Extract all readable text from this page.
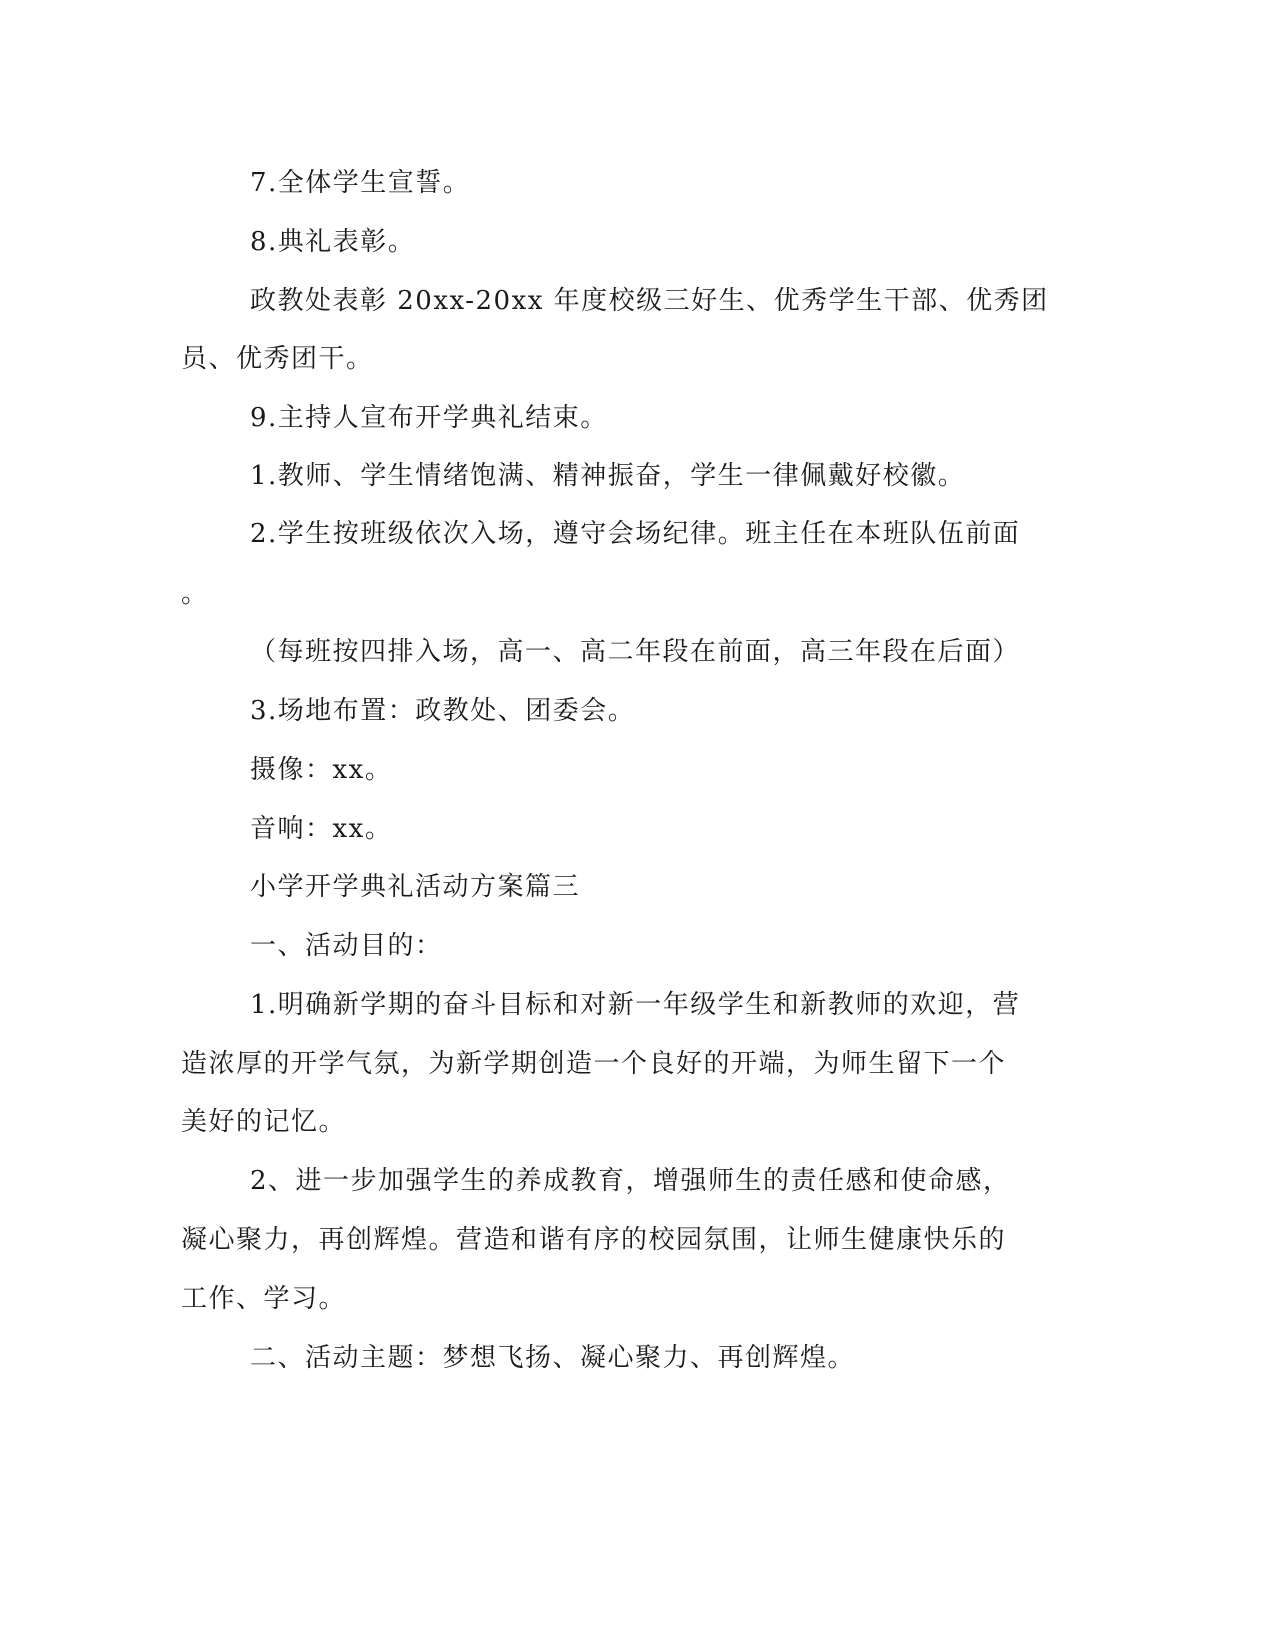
7.全体学生宣誓。
8.典礼表彰。
政教处表彰 20xx-20xx 年度校级三好生、优秀学生干部、优秀团
员、优秀团干。
9.主持人宣布开学典礼结束。
1.教师、学生情绪饱满、精神振奋，学生一律佩戴好校徽。
2.学生按班级依次入场，遵守会场纪律。班主任在本班队伍前面
。
（每班按四排入场，高一、高二年段在前面，高三年段在后面）
3.场地布置：政教处、团委会。
摄像：xx。
音响：xx。
小学开学典礼活动方案篇三
一、活动目的：
1.明确新学期的奋斗目标和对新一年级学生和新教师的欢迎，营
造浓厚的开学气氛，为新学期创造一个良好的开端，为师生留下一个
美好的记忆。
2、进一步加强学生的养成教育，增强师生的责任感和使命感，
凝心聚力，再创辉煌。营造和谐有序的校园氛围，让师生健康快乐的
工作、学习。
二、活动主题：梦想飞扬、凝心聚力、再创辉煌。
